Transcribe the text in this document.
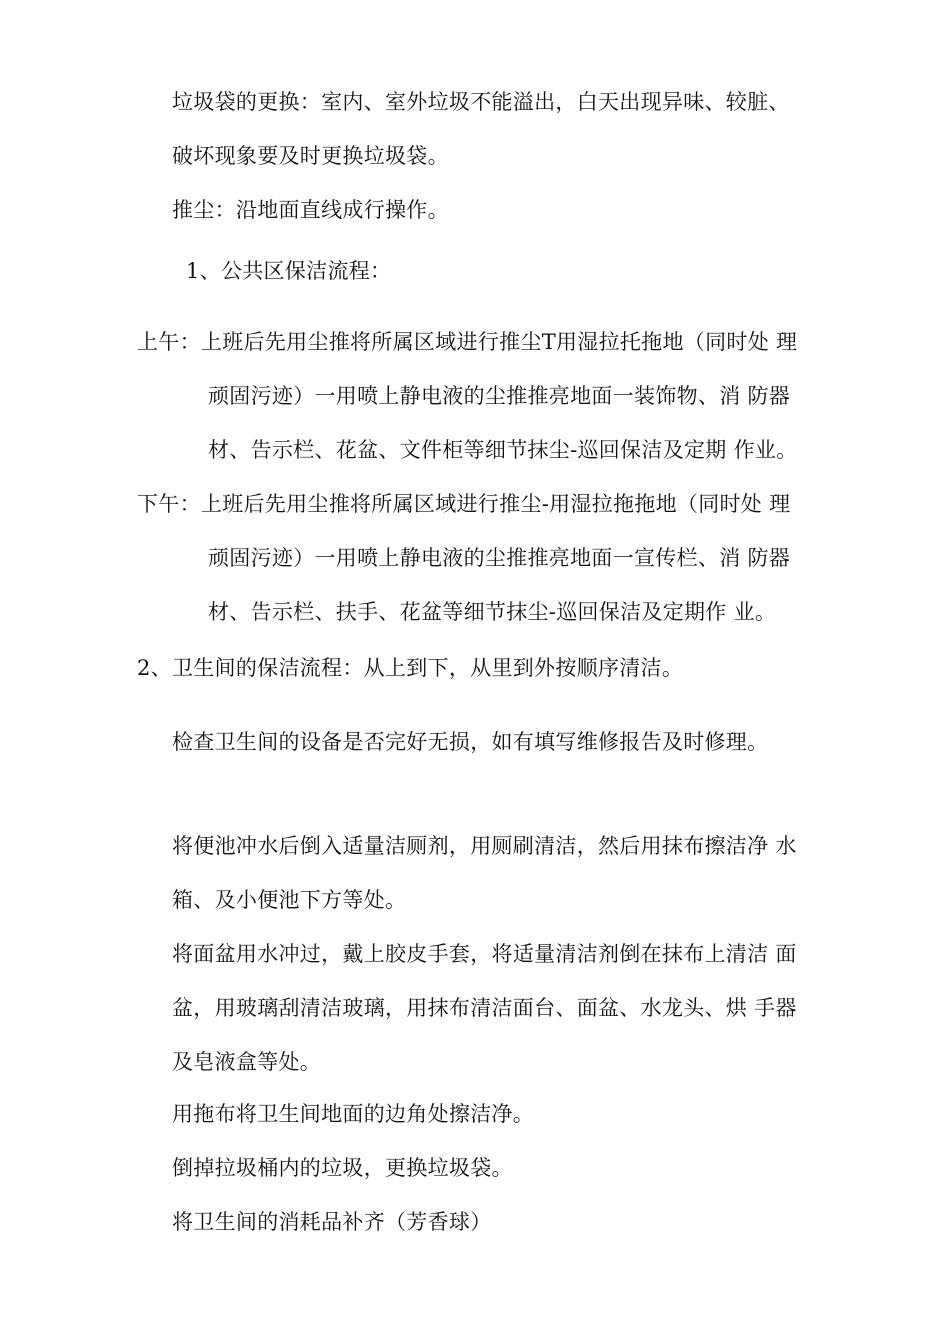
垃圾袋的更换：室内、室外垃圾不能溢出，白天出现异味、较脏、
破坏现象要及时更换垃圾袋。
推尘：沿地面直线成行操作。
1、公共区保洁流程：
上午：上班后先用尘推将所属区域进行推尘T用湿拉托拖地（同时处 理
顽固污迹）一用喷上静电液的尘推推亮地面一装饰物、消 防器
材、告示栏、花盆、文件柜等细节抹尘-巡回保洁及定期 作业。
下午：上班后先用尘推将所属区域进行推尘-用湿拉拖拖地（同时处 理
顽固污迹）一用喷上静电液的尘推推亮地面一宣传栏、消 防器
材、告示栏、扶手、花盆等细节抹尘-巡回保洁及定期作 业。
2、卫生间的保洁流程：从上到下，从里到外按顺序清洁。
检查卫生间的设备是否完好无损，如有填写维修报告及时修理。
将便池冲水后倒入适量洁厕剂，用厕刷清洁，然后用抹布擦洁净 水
箱、及小便池下方等处。
将面盆用水冲过，戴上胶皮手套，将适量清洁剂倒在抹布上清洁 面
盆，用玻璃刮清洁玻璃，用抹布清洁面台、面盆、水龙头、烘 手器
及皂液盒等处。
用拖布将卫生间地面的边角处擦洁净。
倒掉拉圾桶内的垃圾，更换垃圾袋。
将卫生间的消耗品补齐（芳香球）
